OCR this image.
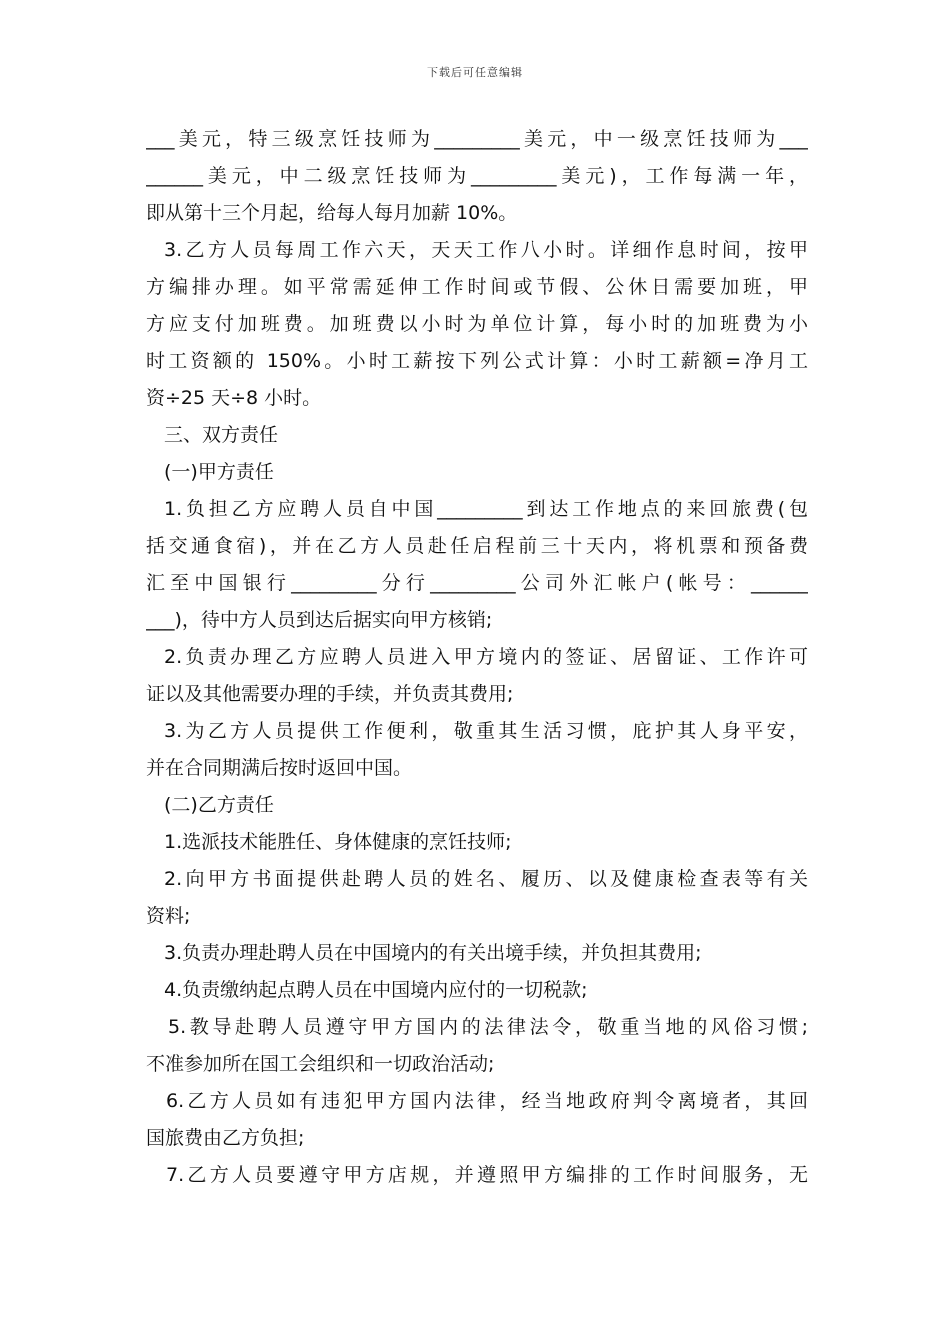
下载后可任意编辑
___美元，特三级烹饪技师为_________美元，中一级烹饪技师为___
______美元，中二级烹饪技师为_________美元)，工作每满一年，
即从第十三个月起，给每人每月加薪 10%。
3.乙方人员每周工作六天，天天工作八小时。详细作息时间，按甲
方编排办理。如平常需延伸工作时间或节假、公休日需要加班，甲
方应支付加班费。加班费以小时为单位计算，每小时的加班费为小
时工资额的 150%。小时工薪按下列公式计算：小时工薪额=净月工
资÷25 天÷8 小时。
三、双方责任
(一)甲方责任
1.负担乙方应聘人员自中国_________到达工作地点的来回旅费(包
括交通食宿)，并在乙方人员赴任启程前三十天内，将机票和预备费
汇至中国银行_________分行_________公司外汇帐户(帐号：______
___)，待中方人员到达后据实向甲方核销;
2.负责办理乙方应聘人员进入甲方境内的签证、居留证、工作许可
证以及其他需要办理的手续，并负责其费用;
3.为乙方人员提供工作便利，敬重其生活习惯，庇护其人身平安，
并在合同期满后按时返回中国。
(二)乙方责任
1.选派技术能胜任、身体健康的烹饪技师;
2.向甲方书面提供赴聘人员的姓名、履历、以及健康检查表等有关
资料;
3.负责办理赴聘人员在中国境内的有关出境手续，并负担其费用;
4.负责缴纳起点聘人员在中国境内应付的一切税款;
5.教导赴聘人员遵守甲方国内的法律法令，敬重当地的风俗习惯;
不准参加所在国工会组织和一切政治活动;
6.乙方人员如有违犯甲方国内法律，经当地政府判令离境者，其回
国旅费由乙方负担;
7.乙方人员要遵守甲方店规，并遵照甲方编排的工作时间服务，无
